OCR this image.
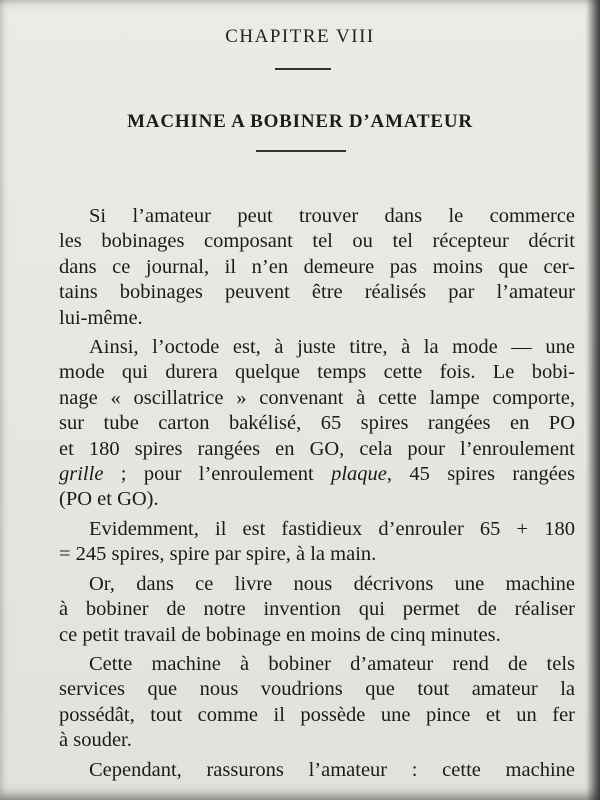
CHAPITRE VIII
MACHINE A BOBINER D’AMATEUR

Si l’amateur peut trouver dans le commerce
les bobinages composant tel ou tel récepteur décrit
dans ce journal, il n’en demeure pas moins que cer-
tains bobinages peuvent être réalisés par l’amateur
lui-même.

Ainsi, l’octode est, à juste titre, à la mode — une
mode qui durera quelque temps cette fois. Le bobi-
nage « oscillatrice » convenant à cette lampe comporte,
sur tube carton bakélisé, 65 spires rangées en PO
et 180 spires rangées en GO, cela pour l’enroulement
grille ; pour l’enroulement plaque, 45 spires rangées
(PO et GO).

Evidemment, il est fastidieux d’enrouler 65 + 180
= 245 spires, spire par spire, à la main.

Or, dans ce livre nous décrivons une machine
à bobiner de notre invention qui permet de réaliser
ce petit travail de bobinage en moins de cinq minutes.

Cette machine à bobiner d’amateur rend de tels
services que nous voudrions que tout amateur la
possédât, tout comme il possède une pince et un fer
à souder.

Cependant, rassurons l’amateur : cette machine
